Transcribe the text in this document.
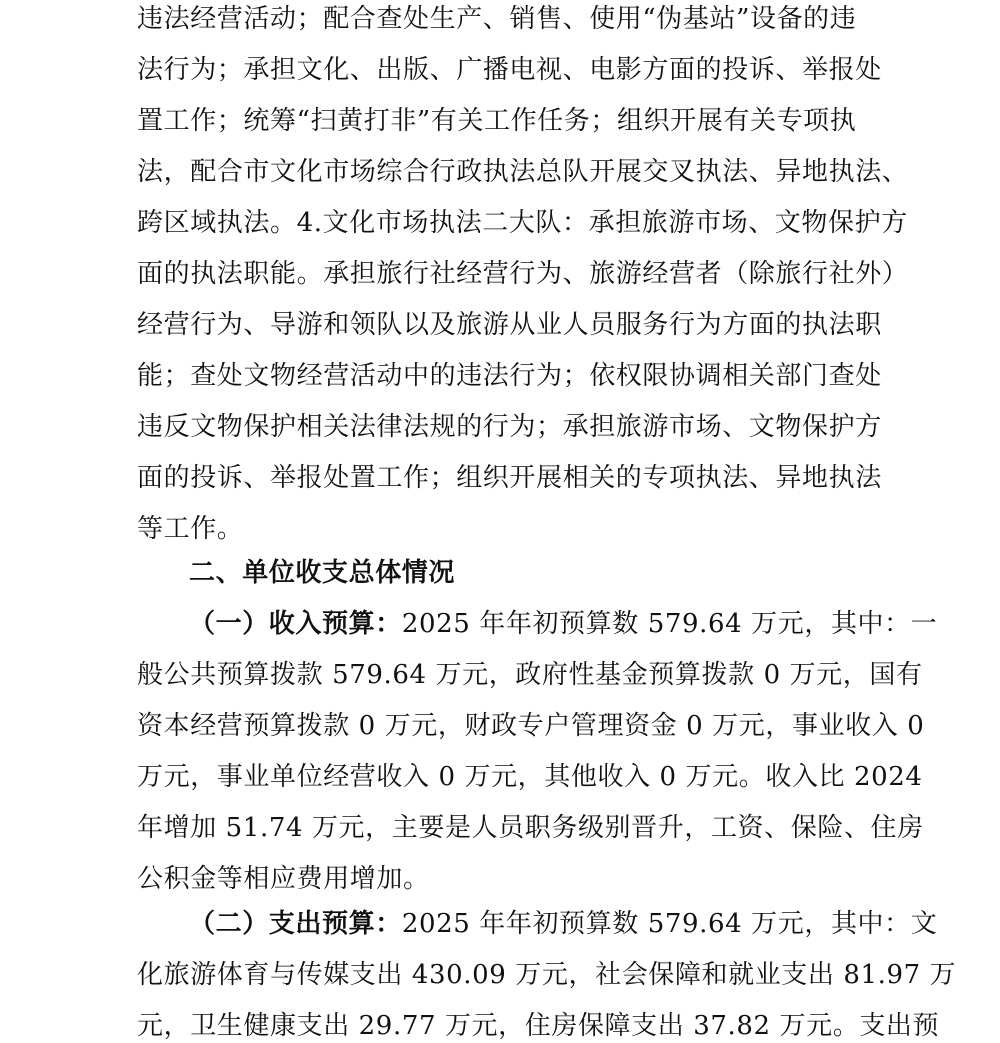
违法经营活动；配合查处生产、销售、使用“伪基站”设备的违
法行为；承担文化、出版、广播电视、电影方面的投诉、举报处
置工作；统筹“扫黄打非”有关工作任务；组织开展有关专项执
法，配合市文化市场综合行政执法总队开展交叉执法、异地执法、
跨区域执法。4.文化市场执法二大队：承担旅游市场、文物保护方
面的执法职能。承担旅行社经营行为、旅游经营者（除旅行社外）
经营行为、导游和领队以及旅游从业人员服务行为方面的执法职
能；查处文物经营活动中的违法行为；依权限协调相关部门查处
违反文物保护相关法律法规的行为；承担旅游市场、文物保护方
面的投诉、举报处置工作；组织开展相关的专项执法、异地执法
等工作。
二、单位收支总体情况
（一）收入预算：2025 年年初预算数 579.64 万元，其中：一
般公共预算拨款 579.64 万元，政府性基金预算拨款 0 万元，国有
资本经营预算拨款 0 万元，财政专户管理资金 0 万元，事业收入 0
万元，事业单位经营收入 0 万元，其他收入 0 万元。收入比 2024
年增加 51.74 万元，主要是人员职务级别晋升，工资、保险、住房
公积金等相应费用增加。
（二）支出预算：2025 年年初预算数 579.64 万元，其中：文
化旅游体育与传媒支出 430.09 万元，社会保障和就业支出 81.97 万
元，卫生健康支出 29.77 万元，住房保障支出 37.82 万元。支出预
